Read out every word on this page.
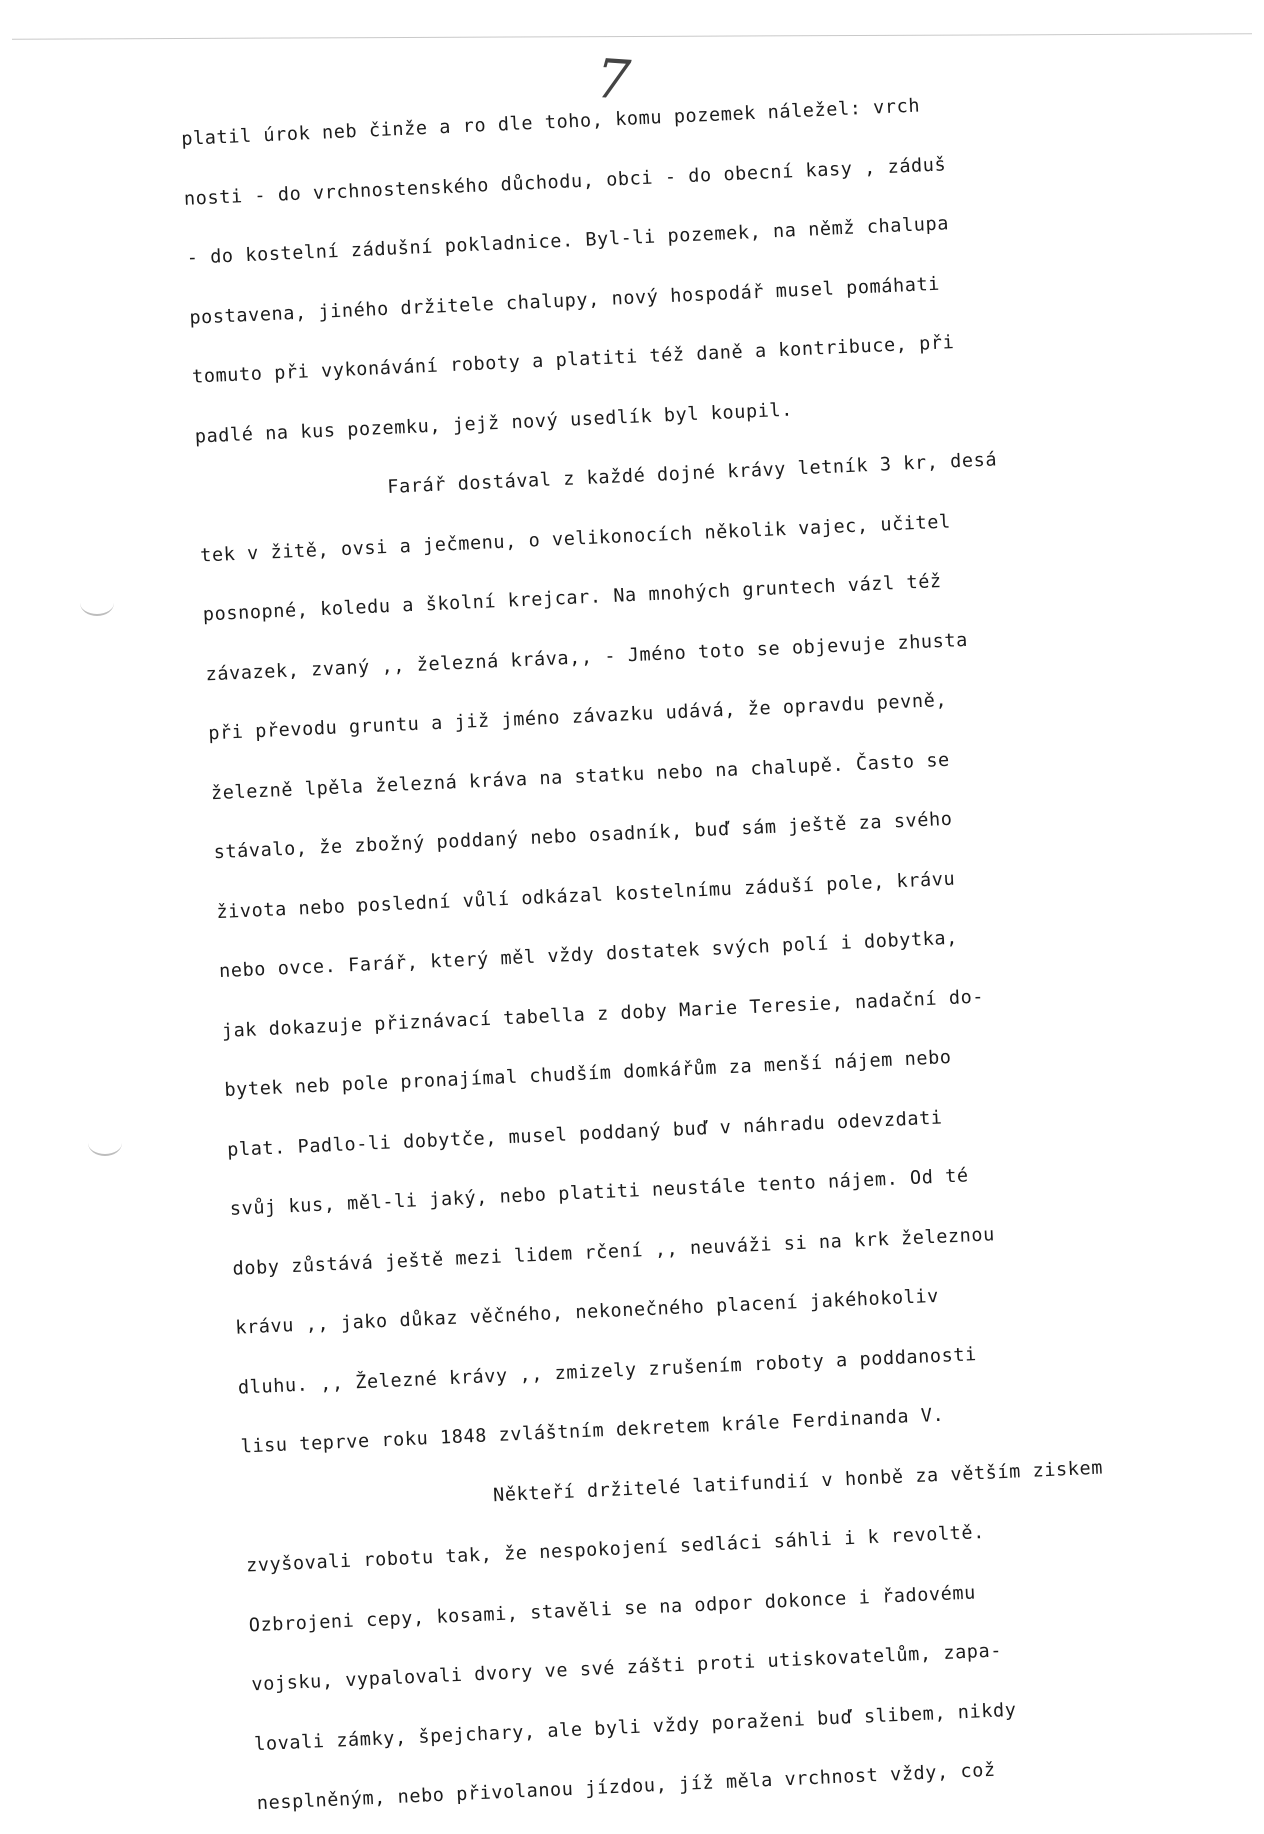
7
plаtil úrok neb činže a ro dle toho, komu pozemek náležel: vrch
nosti - do vrchnostenského důchodu, obci - do obecní kasy , záduš
- do kostelní zádušní pokladnice. Byl-li pozemek, na němž chalupa
postavena, jiného držitele chalupy, nový hospodář musel pomáhati
tomuto při vykonávání roboty a platiti též daně a kontribuce, při
padlé na kus pozemku, jejž nový usedlík byl koupil.
Farář dostával z každé dojné krávy letník 3 kr, desá
tek v žitě, ovsi a ječmenu, o velikonocích několik vajec, učitel
posnopné, koledu a školní krejcar. Na mnohých gruntech vázl též
závazek, zvaný ,, železná kráva,, - Jméno toto se objevuje zhusta
při převodu gruntu a již jméno závazku udává, že opravdu pevně,
železně lpěla železná kráva na statku nebo na chalupě. Často se
stávalo, že zbožný poddaný nebo osadník, buď sám ještě za svého
života nebo poslední vůlí odkázal kostelnímu záduší pole, krávu
nebo ovce. Farář, který měl vždy dostatek svých polí i dobytka,
jak dokazuje přiznávací tabella z doby Marie Teresie, nadační do-
bytek neb pole pronajímal chudším domkářům za menší nájem nebo
plat. Padlo-li dobytče, musel poddaný buď v náhradu odevzdati
svůj kus, měl-li jaký, nebo platiti neustále tento nájem. Od té
doby zůstává ještě mezi lidem rčení ,, neuváži si na krk železnou
krávu ,, jako důkaz věčného, nekonečného placení jakéhokoliv
dluhu. ,, Železné krávy ,, zmizely zrušením roboty a poddanosti
lisu teprve roku 1848 zvláštním dekretem krále Ferdinanda V.
Někteří držitelé latifundií v honbě za větším ziskem
zvyšovali robotu tak, že nespokojení sedláci sáhli i k revoltě.
Ozbrojeni cepy, kosami, stavěli se na odpor dokonce i řadovému
vojsku, vypalovali dvory ve své zášti proti utiskovatelům, zapa-
lovali zámky, špejchary, ale byli vždy poraženi buď slibem, nikdy
nesplněným, nebo přivolanou jízdou, jíž měla vrchnost vždy, což
